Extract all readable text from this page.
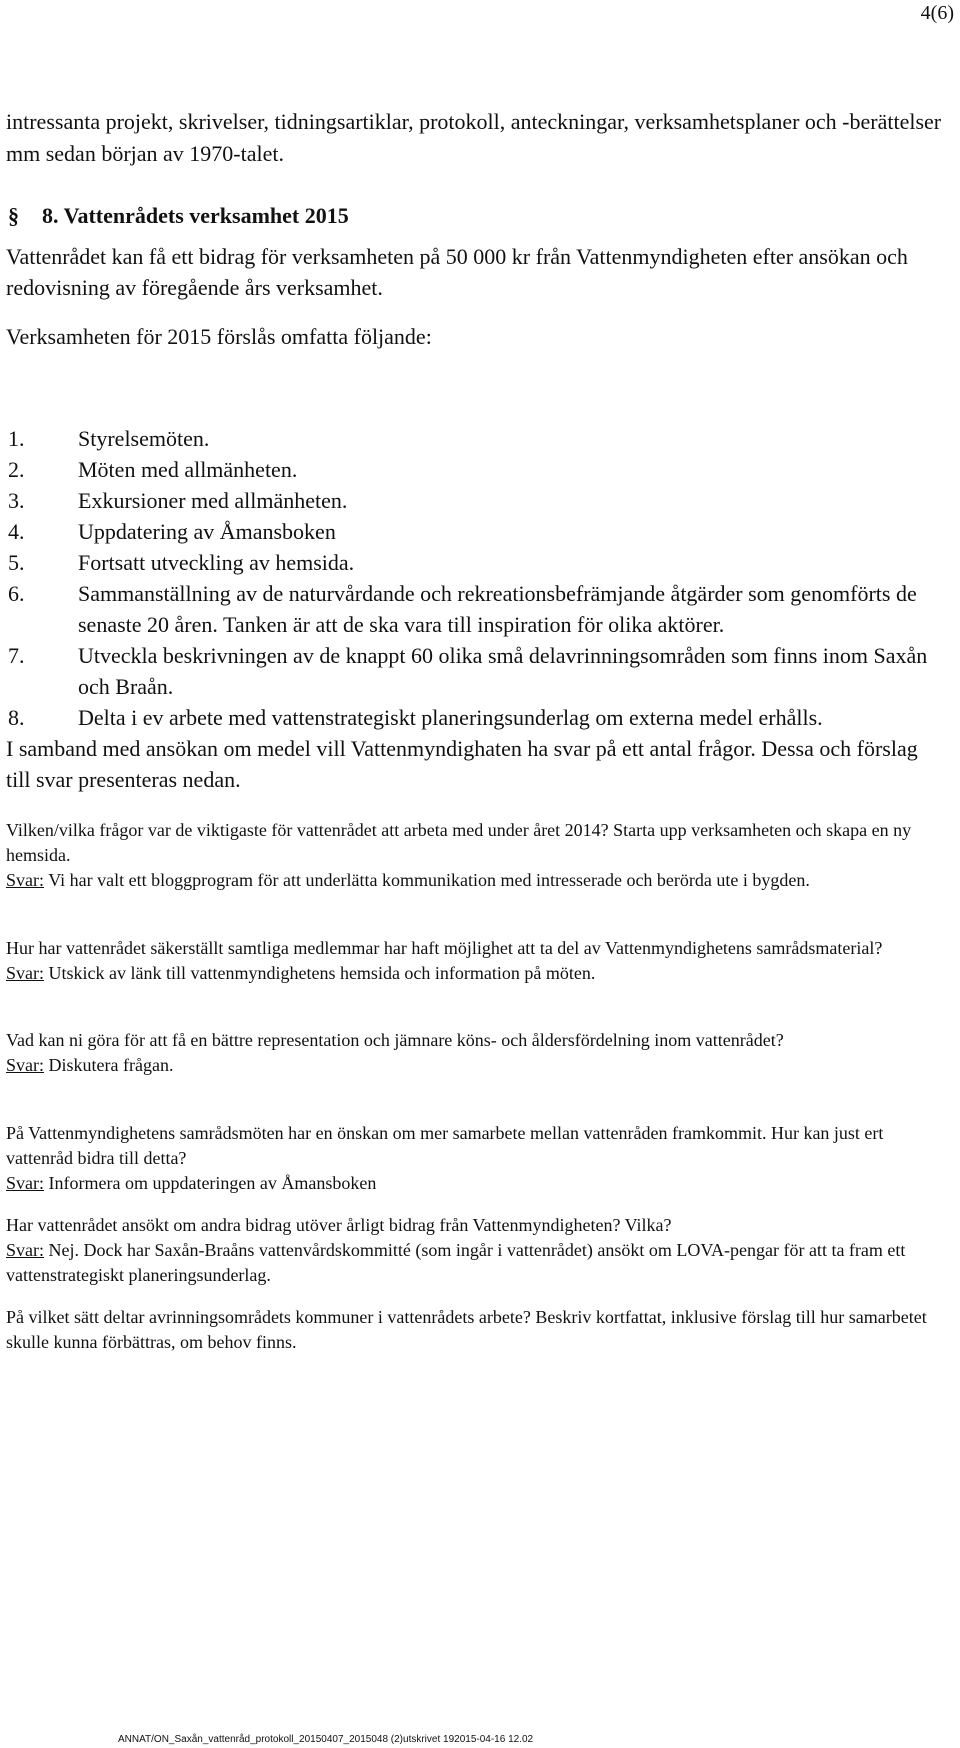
4(6)
intressanta projekt, skrivelser, tidningsartiklar, protokoll, anteckningar, verksamhetsplaner och -berättelser mm sedan början av 1970-talet.
§ 8. Vattenrådets verksamhet 2015
Vattenrådet kan få ett bidrag för verksamheten på 50 000 kr från Vattenmyndigheten efter ansökan och redovisning av föregående års verksamhet.
Verksamheten för 2015 förslås omfatta följande:
1.	Styrelsemöten.
2.	Möten med allmänheten.
3.	Exkursioner med allmänheten.
4.	Uppdatering av Åmansboken
5.	Fortsatt utveckling av hemsida.
6.	Sammanställning av de naturvårdande och rekreationsbefrämjande åtgärder som genomförts de senaste 20 åren. Tanken är att de ska vara till inspiration för olika aktörer.
7.	Utveckla beskrivningen av de knappt 60 olika små delavrinningsområden som finns inom Saxån och Braån.
8.	Delta i ev arbete med vattenstrategiskt planeringsunderlag om externa medel erhålls.
I samband med ansökan om medel vill Vattenmyndighaten ha svar på ett antal frågor. Dessa och förslag till svar presenteras nedan.

Vilken/vilka frågor var de viktigaste för vattenrådet att arbeta med under året 2014? Starta upp verksamheten och skapa en ny hemsida.

Svar: Vi har valt ett bloggprogram för att underlätta kommunikation med intresserade och berörda ute i bygden.

Hur har vattenrådet säkerställt samtliga medlemmar har haft möjlighet att ta del av Vattenmyndighetens samrådsmaterial?

Svar: Utskick av länk till vattenmyndighetens hemsida och information på möten.

Vad kan ni göra för att få en bättre representation och jämnare köns- och åldersfördelning inom vattenrådet?

Svar: Diskutera frågan.

På Vattenmyndighetens samrådsmöten har en önskan om mer samarbete mellan vattenråden framkommit. Hur kan just ert vattenråd bidra till detta?

Svar: Informera om uppdateringen av Åmansboken

Har vattenrådet ansökt om andra bidrag utöver årligt bidrag från Vattenmyndigheten? Vilka?

Svar: Nej. Dock har Saxån-Braåns vattenvårdskommitté (som ingår i vattenrådet) ansökt om LOVA-pengar för att ta fram ett vattenstrategiskt planeringsunderlag.

På vilket sätt deltar avrinningsområdets kommuner i vattenrådets arbete? Beskriv kortfattat, inklusive förslag till hur samarbetet skulle kunna förbättras, om behov finns.

ANNAT/ON_Saxån_vattenråd_protokoll_20150407_2015048 (2)utskrivet 192015-04-16 12.02
